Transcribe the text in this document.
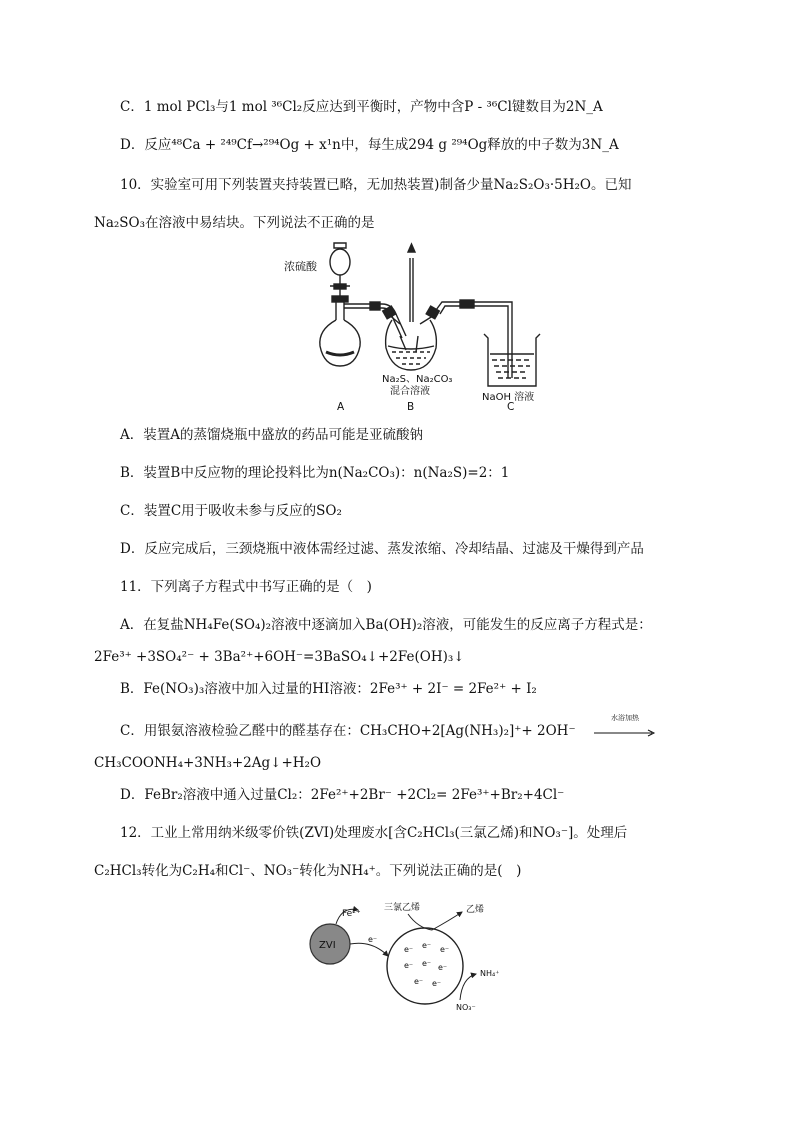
C．1 mol PCl₃与1 mol ³⁶Cl₂反应达到平衡时，产物中含P - ³⁶Cl键数目为2N_A
D．反应⁴⁸Ca + ²⁴⁹Cf→²⁹⁴Og + x¹n中，每生成294 g ²⁹⁴Og释放的中子数为3N_A
10．实验室可用下列装置夹持装置已略，无加热装置)制备少量Na₂S₂O₃·5H₂O。已知
Na₂SO₃在溶液中易结块。下列说法不正确的是
浓硫酸
Na₂S、Na₂CO₃
混合溶液
NaOH 溶液
A	B	C
A．装置A的蒸馏烧瓶中盛放的药品可能是亚硫酸钠
B．装置B中反应物的理论投料比为n(Na₂CO₃)：n(Na₂S)=2：1
C．装置C用于吸收未参与反应的SO₂
D．反应完成后，三颈烧瓶中液体需经过滤、蒸发浓缩、冷却结晶、过滤及干燥得到产品
11．下列离子方程式中书写正确的是（　)
A．在复盐NH₄Fe(SO₄)₂溶液中逐滴加入Ba(OH)₂溶液，可能发生的反应离子方程式是：
2Fe³⁺ +3SO₄²⁻ + 3Ba²⁺+6OH⁻=3BaSO₄↓+2Fe(OH)₃↓
B．Fe(NO₃)₃溶液中加入过量的HI溶液：2Fe³⁺ + 2I⁻ = 2Fe²⁺ + I₂
C．用银氨溶液检验乙醛中的醛基存在：CH₃CHO+2[Ag(NH₃)₂]⁺+ 2OH⁻
水浴加热
CH₃COONH₄+3NH₃+2Ag↓+H₂O
D．FeBr₂溶液中通入过量Cl₂：2Fe²⁺+2Br⁻ +2Cl₂= 2Fe³⁺+Br₂+4Cl⁻
12．工业上常用纳米级零价铁(ZVI)处理废水[含C₂HCl₃(三氯乙烯)和NO₃⁻]。处理后
C₂HCl₃转化为C₂H₄和Cl⁻、NO₃⁻转化为NH₄⁺。下列说法正确的是(　)
ZVI
Fe²⁺
e⁻
e⁻ e⁻ e⁻
e⁻ e⁻ e⁻
e⁻ e⁻
三氯乙烯	乙烯
NH₄⁺
NO₃⁻
